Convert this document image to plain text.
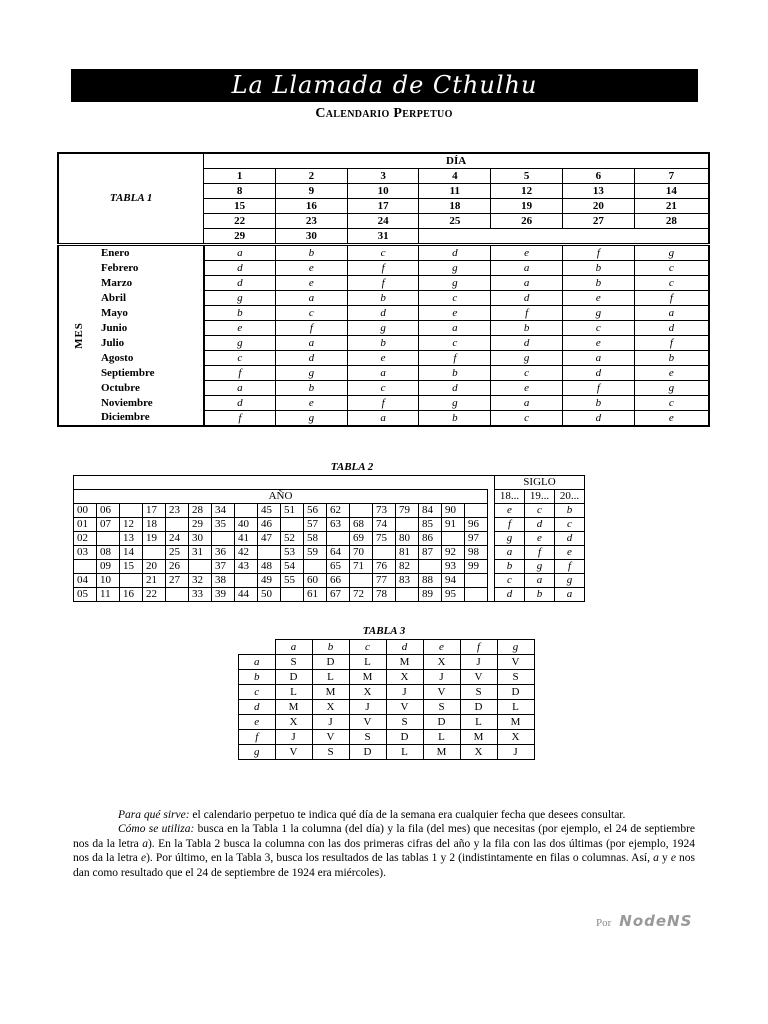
La Llamada de Cthulhu
Calendario Perpetuo
TABLA 1		DÍA						
		1	2	3	4	5	6	7
		8	9	10	11	12	13	14
		15	16	17	18	19	20	21
		22	23	24	25	26	27	28
		29	30	31				
MES	Enero	a	b	c	d	e	f	g
	Febrero	d	e	f	g	a	b	c
	Marzo	d	e	f	g	a	b	c
	Abril	g	a	b	c	d	e	f
	Mayo	b	c	d	e	f	g	a
	Junio	e	f	g	a	b	c	d
	Julio	g	a	b	c	d	e	f
	Agosto	c	d	e	f	g	a	b
	Septiembre	f	g	a	b	c	d	e
	Octubre	a	b	c	d	e	f	g
	Noviembre	d	e	f	g	a	b	c
	Diciembre	f	g	a	b	c	d	e
TABLA 2
																			SIGLO		
AÑO																			18...	19...	20...
00	06		17	23	28	34		45	51	56	62		73	79	84	90			e	c	b
01	07	12	18		29	35	40	46		57	63	68	74		85	91	96		f	d	c
02		13	19	24	30		41	47	52	58		69	75	80	86		97		g	e	d
03	08	14		25	31	36	42		53	59	64	70		81	87	92	98		a	f	e
	09	15	20	26		37	43	48	54		65	71	76	82		93	99		b	g	f
04	10		21	27	32	38		49	55	60	66		77	83	88	94			c	a	g
05	11	16	22		33	39	44	50		61	67	72	78		89	95			d	b	a
TABLA 3
	a	b	c	d	e	f	g
a	S	D	L	M	X	J	V
b	D	L	M	X	J	V	S
c	L	M	X	J	V	S	D
d	M	X	J	V	S	D	L
e	X	J	V	S	D	L	M
f	J	V	S	D	L	M	X
g	V	S	D	L	M	X	J
Para qué sirve: el calendario perpetuo te indica qué día de la semana era cualquier fecha que desees consultar.
Cómo se utiliza: busca en la Tabla 1 la columna (del día) y la fila (del mes) que necesitas (por ejemplo, el 24 de septiembre nos da la letra a). En la Tabla 2 busca la columna con las dos primeras cifras del año y la fila con las dos últimas (por ejemplo, 1924 nos da la letra e). Por último, en la Tabla 3, busca los resultados de las tablas 1 y 2 (indistintamente en filas o columnas. Así, a y e nos dan como resultado que el 24 de septiembre de 1924 era miércoles).
Por NodeNS
